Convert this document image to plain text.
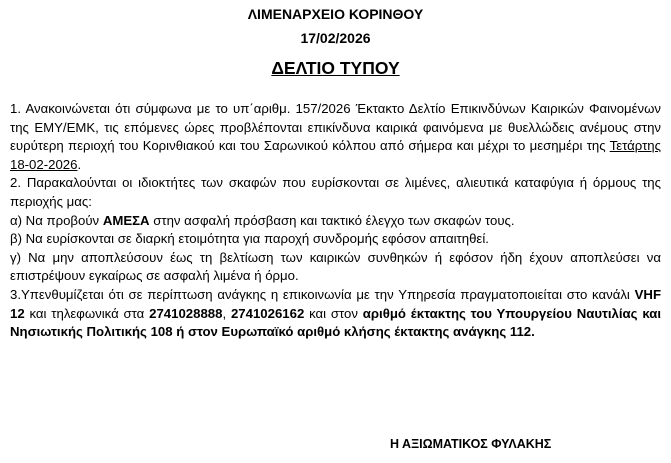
ΛΙΜΕΝΑΡΧΕΙΟ ΚΟΡΙΝΘΟΥ
17/02/2026
ΔΕΛΤΙΟ ΤΥΠΟΥ

1. Ανακοινώνεται ότι σύμφωνα με το υπ΄αριθμ. 157/2026 Έκτακτο Δελτίο Επικινδύνων Καιρικών Φαινομένων της ΕΜΥ/ΕΜΚ, τις επόμενες ώρες προβλέπονται επικίνδυνα καιρικά φαινόμενα με θυελλώδεις ανέμους στην ευρύτερη περιοχή του Κορινθιακού και του Σαρωνικού κόλπου από σήμερα και μέχρι το μεσημέρι της Τετάρτης 18-02-2026.

2. Παρακαλούνται οι ιδιοκτήτες των σκαφών που ευρίσκονται σε λιμένες, αλιευτικά καταφύγια ή όρμους της περιοχής μας:

α) Να προβούν ΑΜΕΣΑ στην ασφαλή πρόσβαση και τακτικό έλεγχο των σκαφών τους.

β) Να ευρίσκονται σε διαρκή ετοιμότητα για παροχή συνδρομής εφόσον απαιτηθεί.

γ) Να μην αποπλεύσουν έως τη βελτίωση των καιρικών συνθηκών ή εφόσον ήδη έχουν αποπλεύσει να επιστρέψουν εγκαίρως σε ασφαλή λιμένα ή όρμο.

3.Υπενθυμίζεται ότι σε περίπτωση ανάγκης η επικοινωνία με την Υπηρεσία πραγματοποιείται στο κανάλι VHF 12 και τηλεφωνικά στα 2741028888, 2741026162 και στον αριθμό έκτακτης του Υπουργείου Ναυτιλίας και Νησιωτικής Πολιτικής 108 ή στον Ευρωπαϊκό αριθμό κλήσης έκτακτης ανάγκης 112.

Η ΑΞΙΩΜΑΤΙΚΟΣ ΦΥΛΑΚΗΣ
